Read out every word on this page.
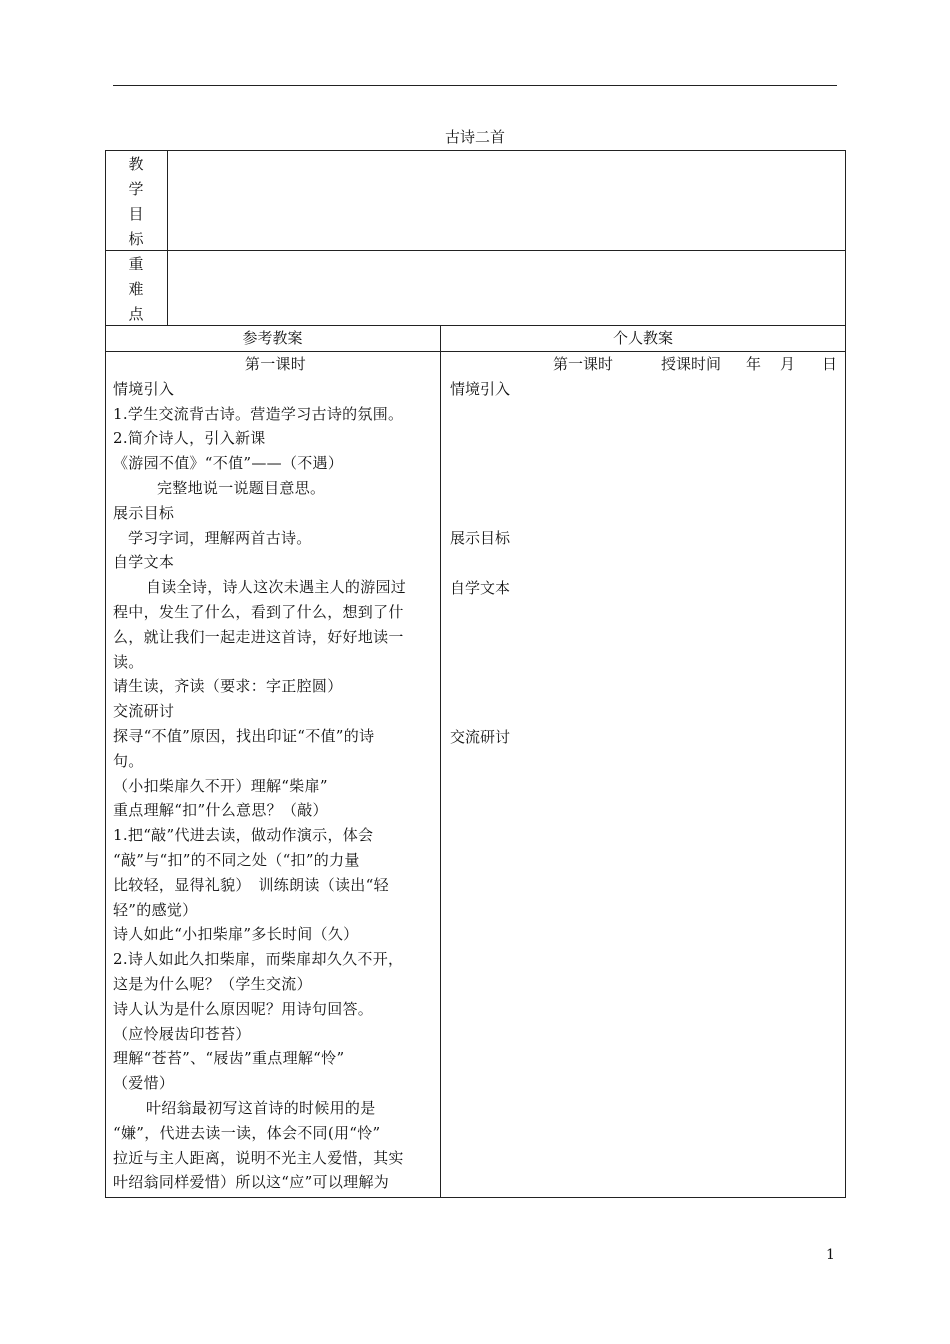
古诗二首
教
学
目
标
重
难
点
参考教案	个人教案
第一课时
情境引入
1.学生交流背古诗。营造学习古诗的氛围。
2.简介诗人，引入新课
《游园不值》“不值”——（不遇）
完整地说一说题目意思。
展示目标
学习字词，理解两首古诗。
自学文本
自读全诗，诗人这次未遇主人的游园过
程中，发生了什么，看到了什么，想到了什
么，就让我们一起走进这首诗，好好地读一
读。
请生读，齐读（要求：字正腔圆）
交流研讨
探寻“不值”原因，找出印证“不值”的诗
句。
（小扣柴扉久不开）理解“柴扉”
重点理解“扣”什么意思？（敲）
1.把“敲”代进去读，做动作演示，体会
“敲”与“扣”的不同之处（“扣”的力量
比较轻，显得礼貌）　训练朗读（读出“轻
轻”的感觉）
诗人如此“小扣柴扉”多长时间（久）
2.诗人如此久扣柴扉，而柴扉却久久不开，
这是为什么呢？（学生交流）
诗人认为是什么原因呢？用诗句回答。
（应怜屐齿印苍苔）
理解“苍苔”、“屐齿”重点理解“怜”
（爱惜）
叶绍翁最初写这首诗的时候用的是
“嫌”，代进去读一读，体会不同(用“怜”
拉近与主人距离，说明不光主人爱惜，其实
叶绍翁同样爱惜）所以这“应”可以理解为
第一课时	授课时间 年 月 日
情境引入
展示目标
自学文本
交流研讨
1
